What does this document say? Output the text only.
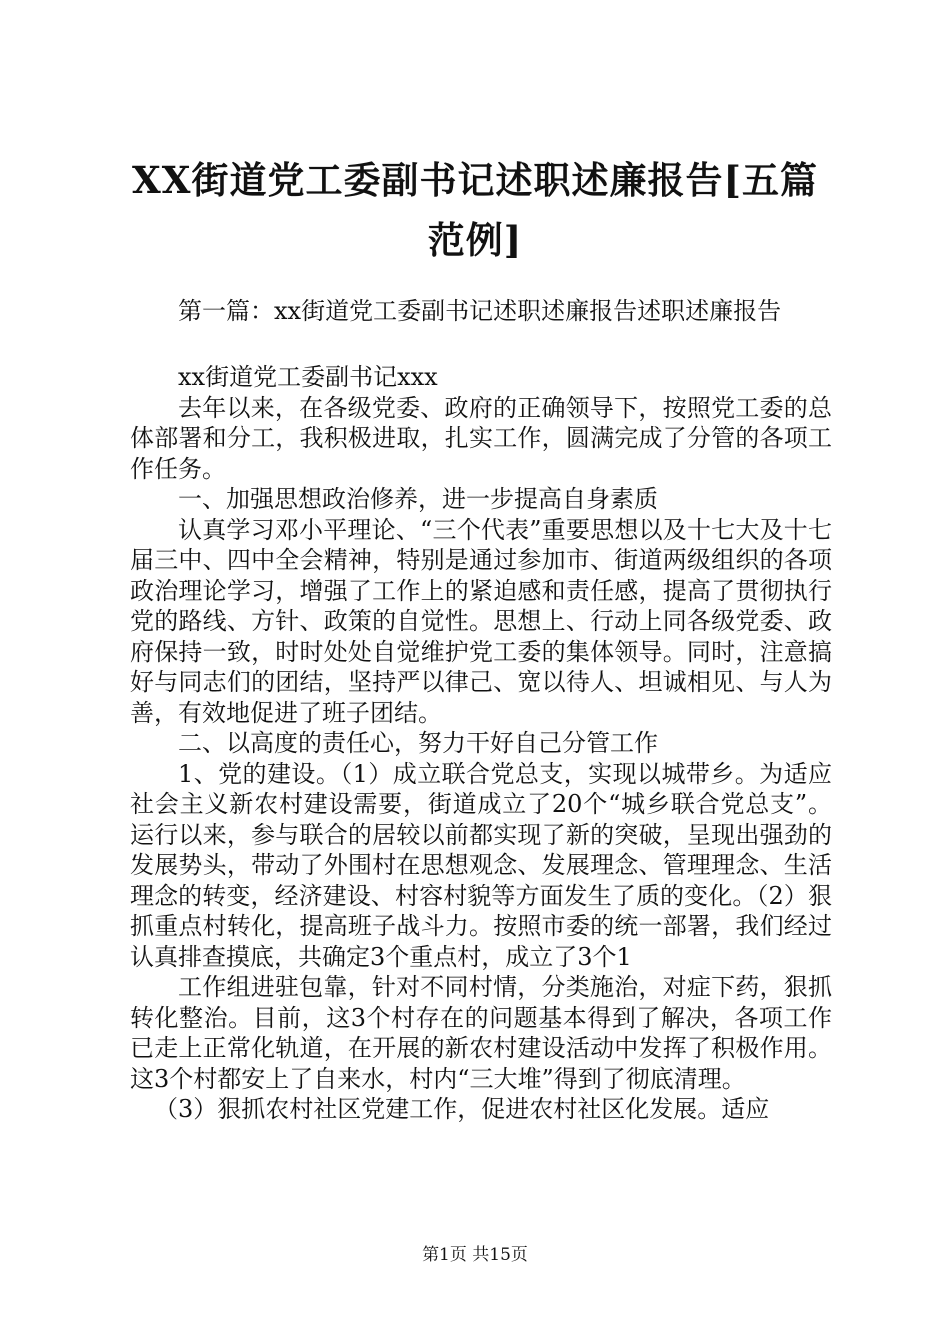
XX街道党工委副书记述职述廉报告[五篇范例]

第一篇：xx街道党工委副书记述职述廉报告述职述廉报告

xx街道党工委副书记xxx

去年以来，在各级党委、政府的正确领导下，按照党工委的总体部署和分工，我积极进取，扎实工作，圆满完成了分管的各项工作任务。

一、加强思想政治修养，进一步提高自身素质

认真学习邓小平理论、“三个代表”重要思想以及十七大及十七届三中、四中全会精神，特别是通过参加市、街道两级组织的各项政治理论学习，增强了工作上的紧迫感和责任感，提高了贯彻执行党的路线、方针、政策的自觉性。思想上、行动上同各级党委、政府保持一致，时时处处自觉维护党工委的集体领导。同时，注意搞好与同志们的团结，坚持严以律己、宽以待人、坦诚相见、与人为善，有效地促进了班子团结。

二、以高度的责任心，努力干好自己分管工作

1、党的建设。（1）成立联合党总支，实现以城带乡。为适应社会主义新农村建设需要，街道成立了20个“城乡联合党总支”。运行以来，参与联合的居较以前都实现了新的突破，呈现出强劲的发展势头，带动了外围村在思想观念、发展理念、管理理念、生活理念的转变，经济建设、村容村貌等方面发生了质的变化。（2）狠抓重点村转化，提高班子战斗力。按照市委的统一部署，我们经过认真排查摸底，共确定3个重点村，成立了3个1

工作组进驻包靠，针对不同村情，分类施治，对症下药，狠抓转化整治。目前，这3个村存在的问题基本得到了解决，各项工作已走上正常化轨道，在开展的新农村建设活动中发挥了积极作用。这3个村都安上了自来水，村内“三大堆”得到了彻底清理。

（3）狠抓农村社区党建工作，促进农村社区化发展。适应

第1页 共15页
